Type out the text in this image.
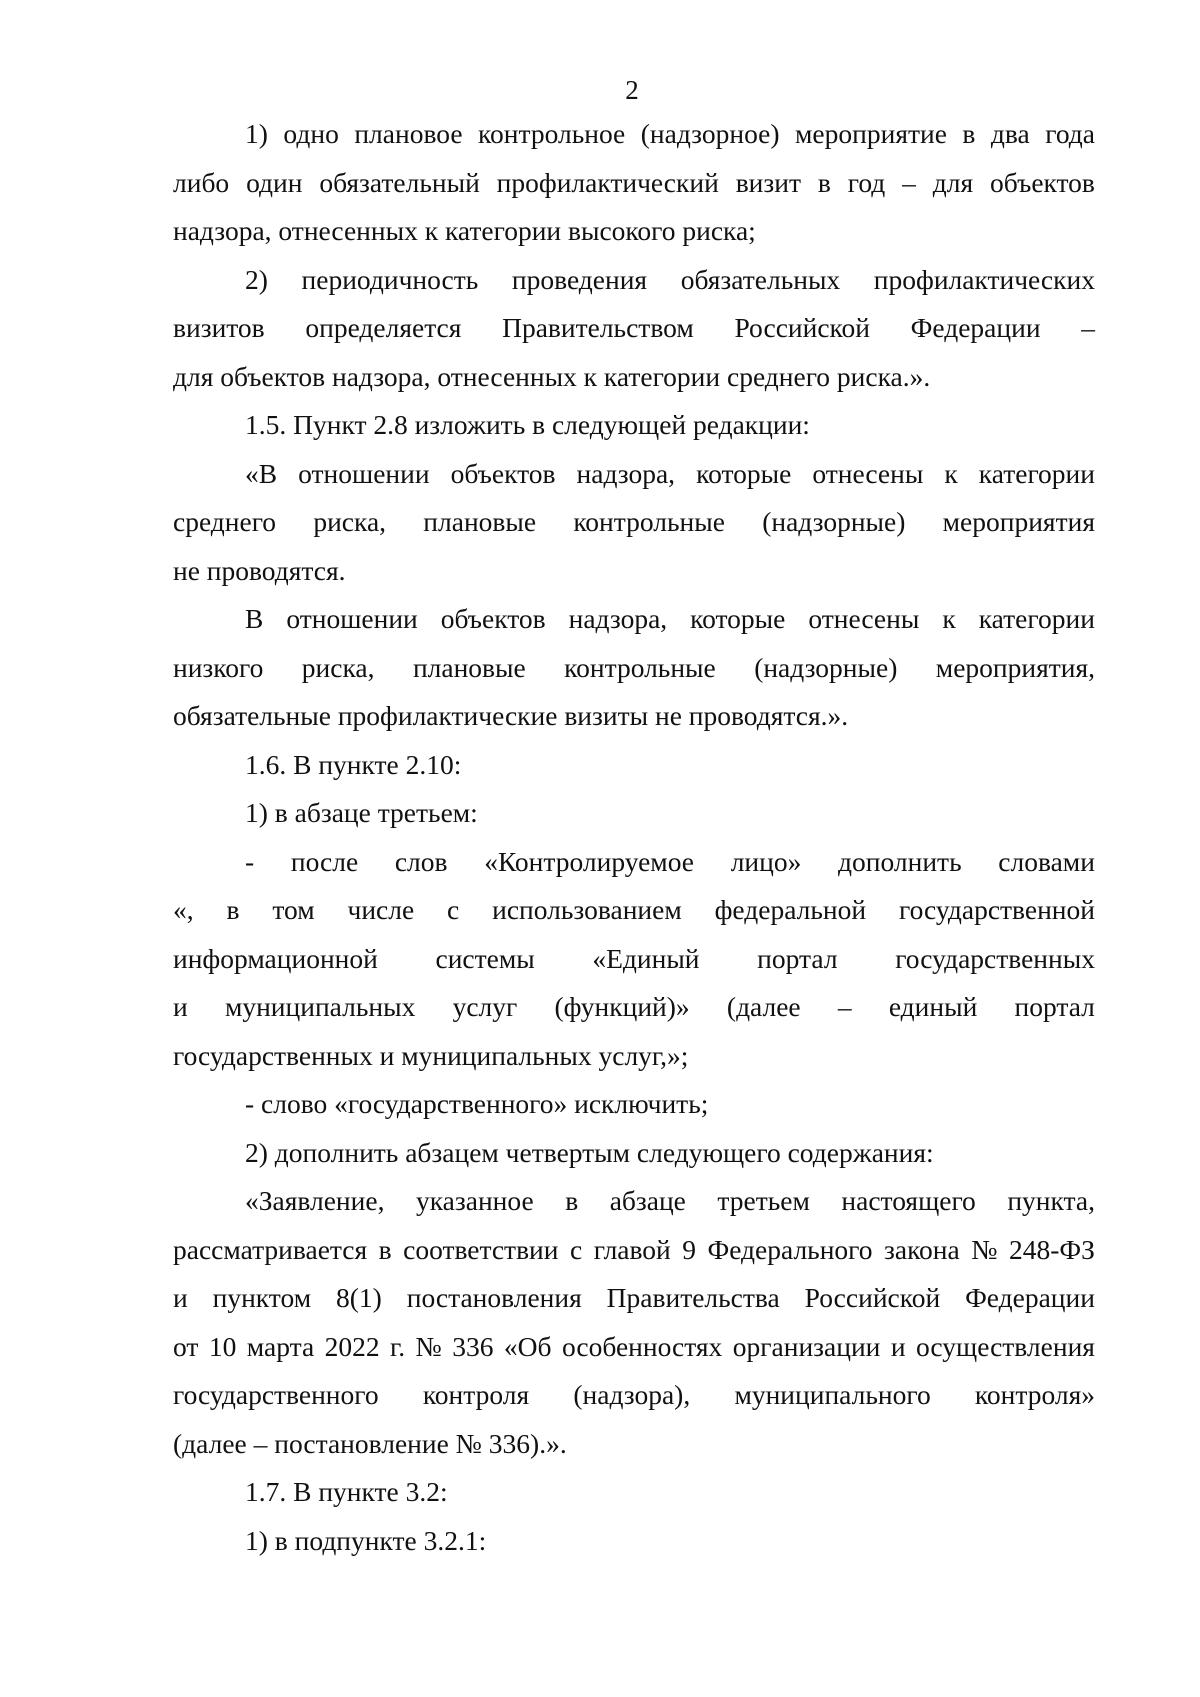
2
1) одно плановое контрольное (надзорное) мероприятие в два года
либо один обязательный профилактический визит в год – для объектов
надзора, отнесенных к категории высокого риска;
2) периодичность проведения обязательных профилактических
визитов определяется Правительством Российской Федерации –
для объектов надзора, отнесенных к категории среднего риска.».
1.5. Пункт 2.8 изложить в следующей редакции:
«В отношении объектов надзора, которые отнесены к категории
среднего риска, плановые контрольные (надзорные) мероприятия
не проводятся.
В отношении объектов надзора, которые отнесены к категории
низкого риска, плановые контрольные (надзорные) мероприятия,
обязательные профилактические визиты не проводятся.».
1.6. В пункте 2.10:
1) в абзаце третьем:
- после слов «Контролируемое лицо» дополнить словами
«, в том числе с использованием федеральной государственной
информационной системы «Единый портал государственных
и муниципальных услуг (функций)» (далее – единый портал
государственных и муниципальных услуг,»;
- слово «государственного» исключить;
2) дополнить абзацем четвертым следующего содержания:
«Заявление, указанное в абзаце третьем настоящего пункта,
рассматривается в соответствии с главой 9 Федерального закона № 248-ФЗ
и пунктом 8(1) постановления Правительства Российской Федерации
от 10 марта 2022 г. № 336 «Об особенностях организации и осуществления
государственного контроля (надзора), муниципального контроля»
(далее – постановление № 336).».
1.7. В пункте 3.2:
1) в подпункте 3.2.1:
